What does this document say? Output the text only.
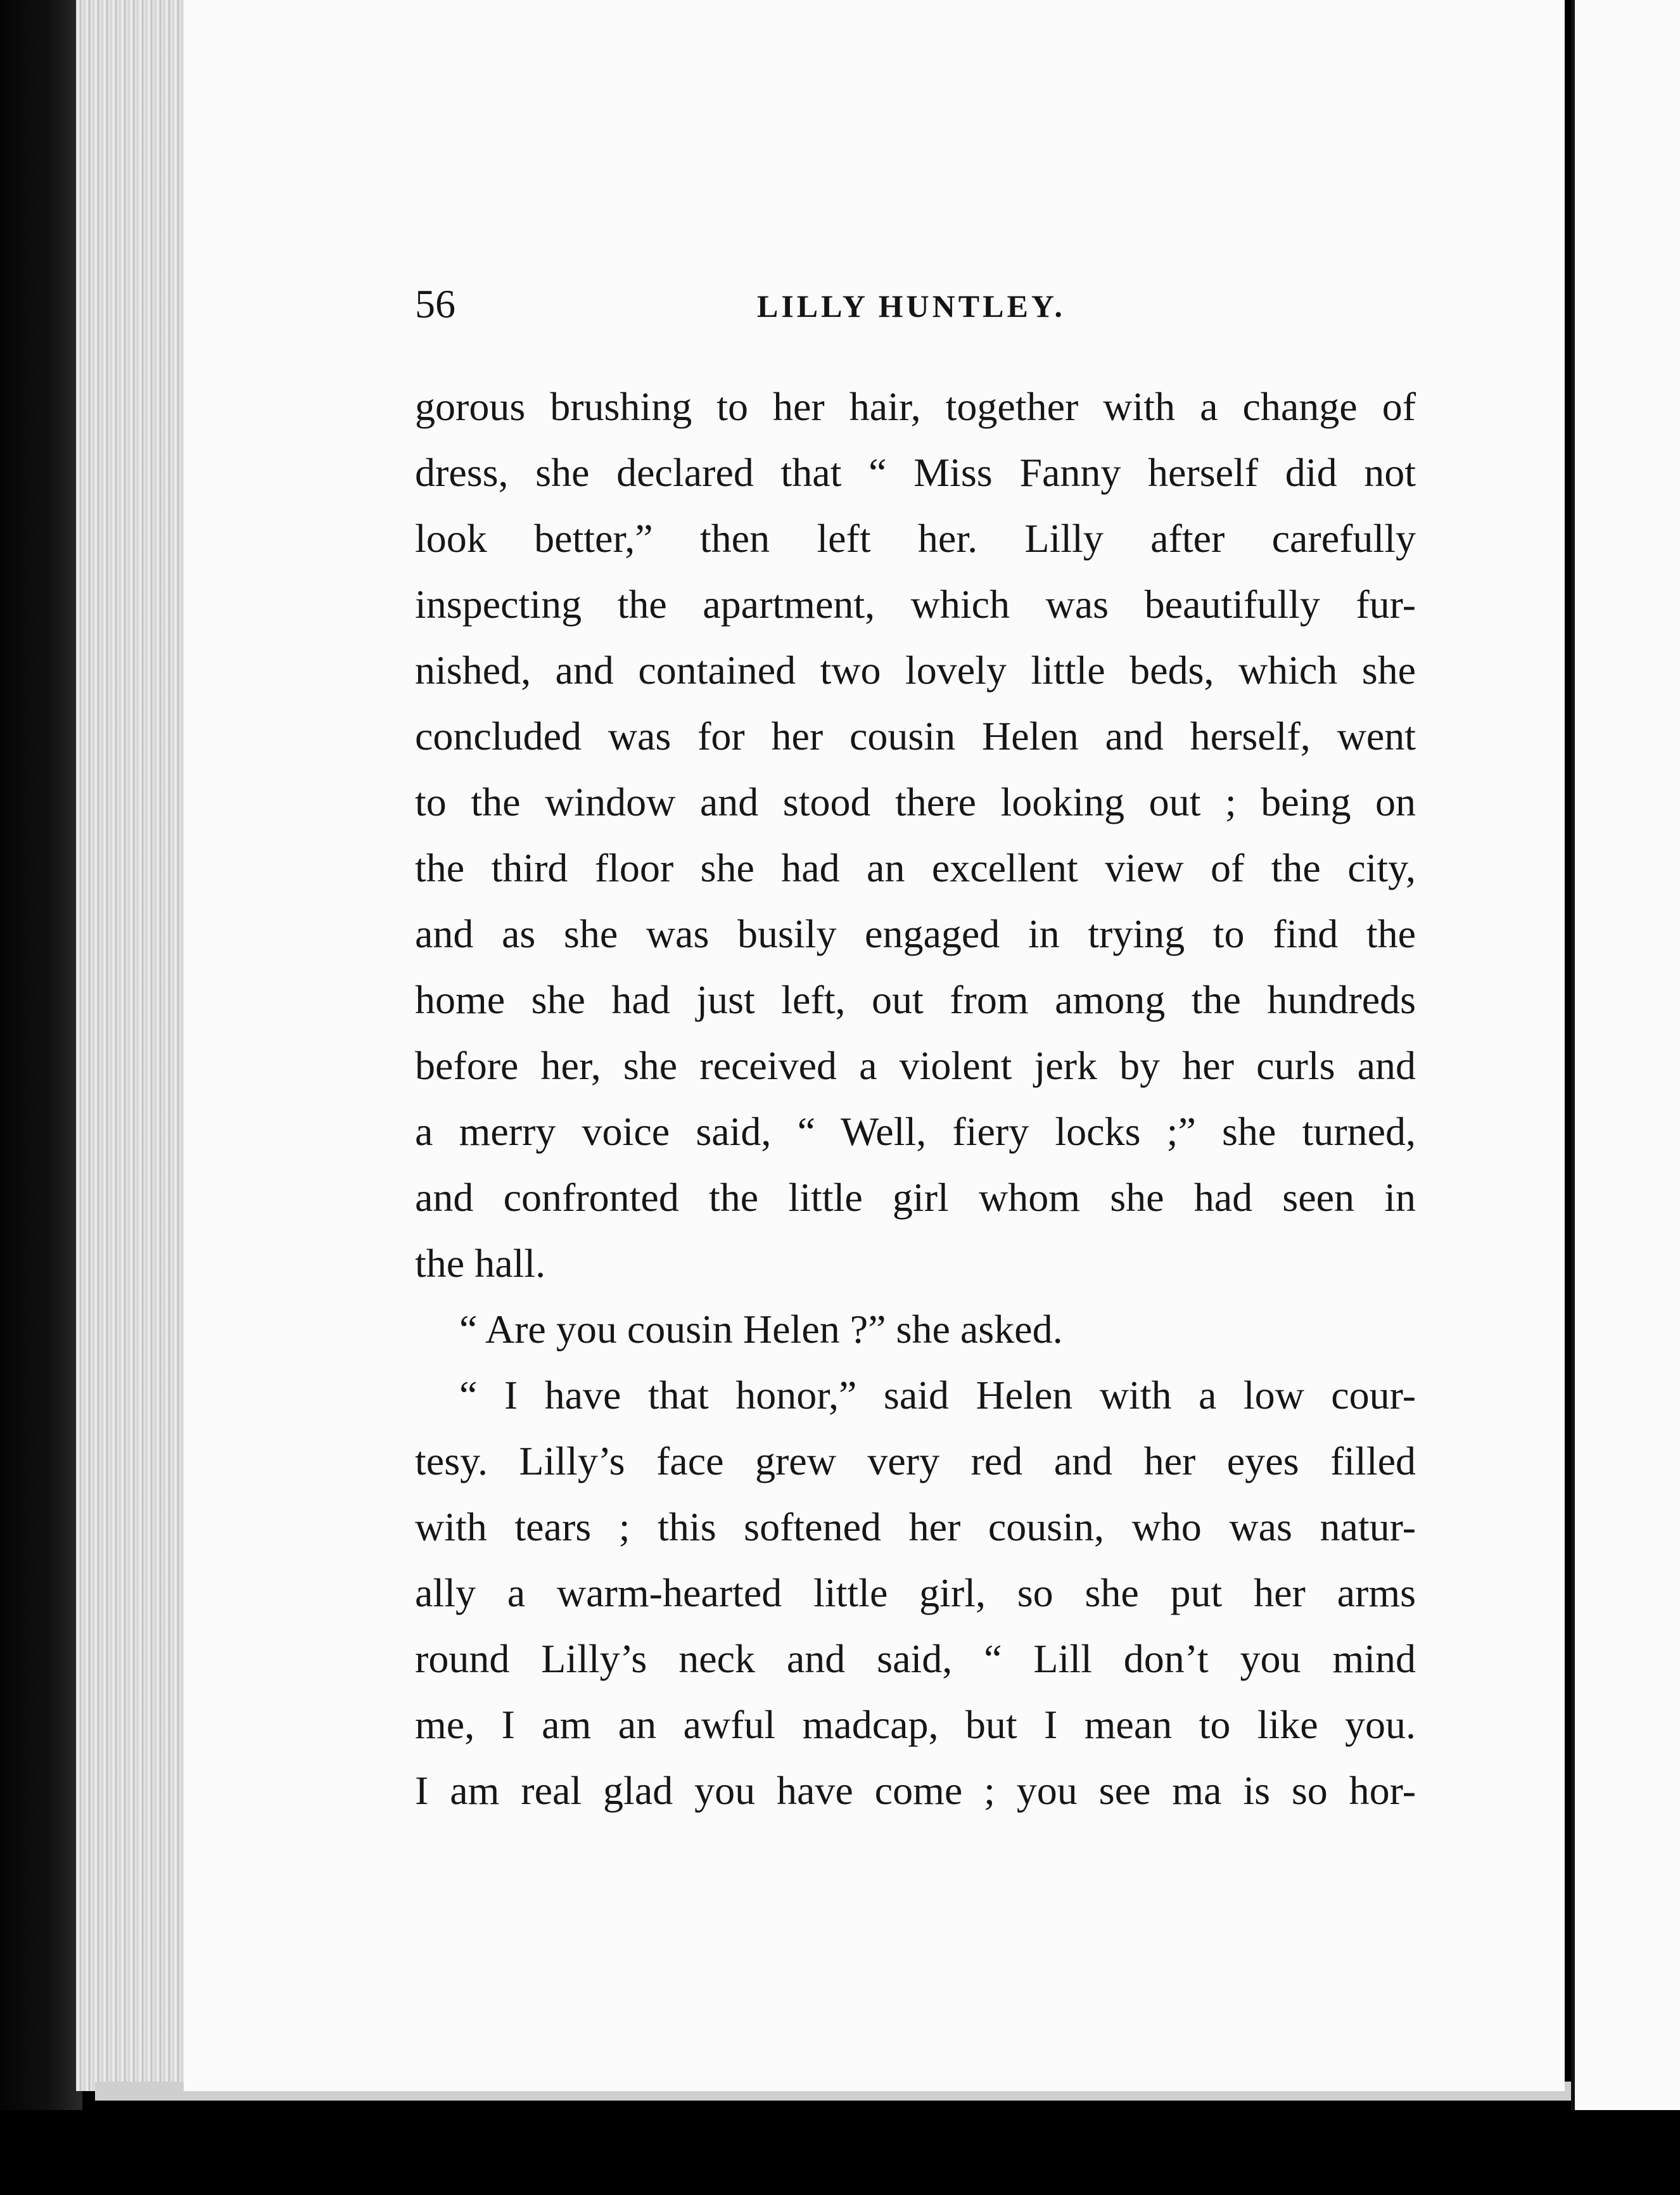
56	LILLY HUNTLEY.
gorous brushing to her hair, together with a change of
dress, she declared that “ Miss Fanny herself did not
look better,” then left her. Lilly after carefully
inspecting the apartment, which was beautifully fur-
nished, and contained two lovely little beds, which she
concluded was for her cousin Helen and herself, went
to the window and stood there looking out ; being on
the third floor she had an excellent view of the city,
and as she was busily engaged in trying to find the
home she had just left, out from among the hundreds
before her, she received a violent jerk by her curls and
a merry voice said, “ Well, fiery locks ;” she turned,
and confronted the little girl whom she had seen in
the hall.
“ Are you cousin Helen ?” she asked.
“ I have that honor,” said Helen with a low cour-
tesy. Lilly’s face grew very red and her eyes filled
with tears ; this softened her cousin, who was natur-
ally a warm-hearted little girl, so she put her arms
round Lilly’s neck and said, “ Lill don’t you mind
me, I am an awful madcap, but I mean to like you.
I am real glad you have come ; you see ma is so hor-
